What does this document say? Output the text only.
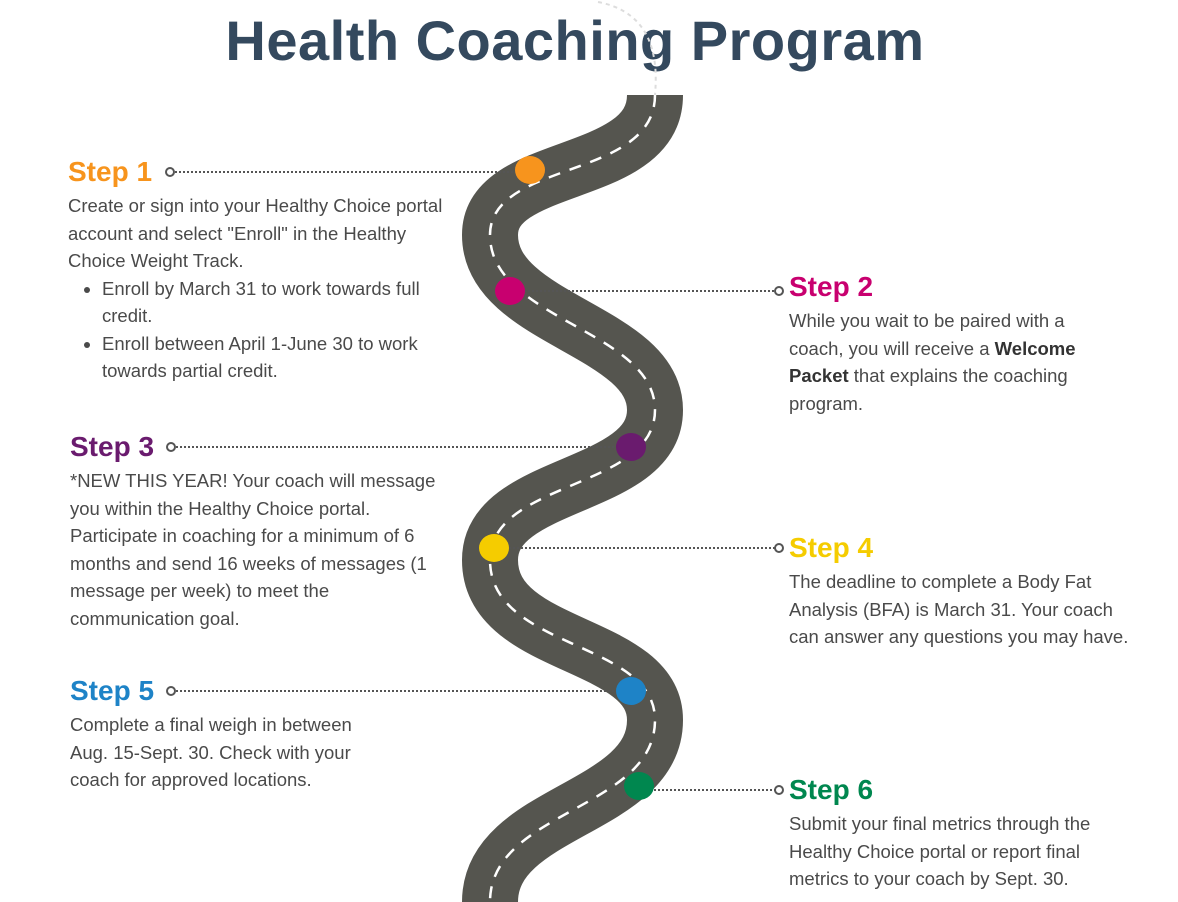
Health Coaching Program
Step 1

Create or sign into your Healthy Choice portal account and select "Enroll" in the Healthy Choice Weight Track.

• Enroll by March 31 to work towards full credit.
• Enroll between April 1-June 30 to work towards partial credit.
Step 2

While you wait to be paired with a coach, you will receive a Welcome Packet that explains the coaching program.

Step 3

*NEW THIS YEAR! Your coach will message you within the Healthy Choice portal. Participate in coaching for a minimum of 6 months and send 16 weeks of messages (1 message per week) to meet the communication goal.

Step 4

The deadline to complete a Body Fat Analysis (BFA) is March 31. Your coach can answer any questions you may have.

Step 5

Complete a final weigh in between Aug. 15-Sept. 30. Check with your coach for approved locations.	Step 6

Submit your final metrics through the Healthy Choice portal or report final metrics to your coach by Sept. 30.
